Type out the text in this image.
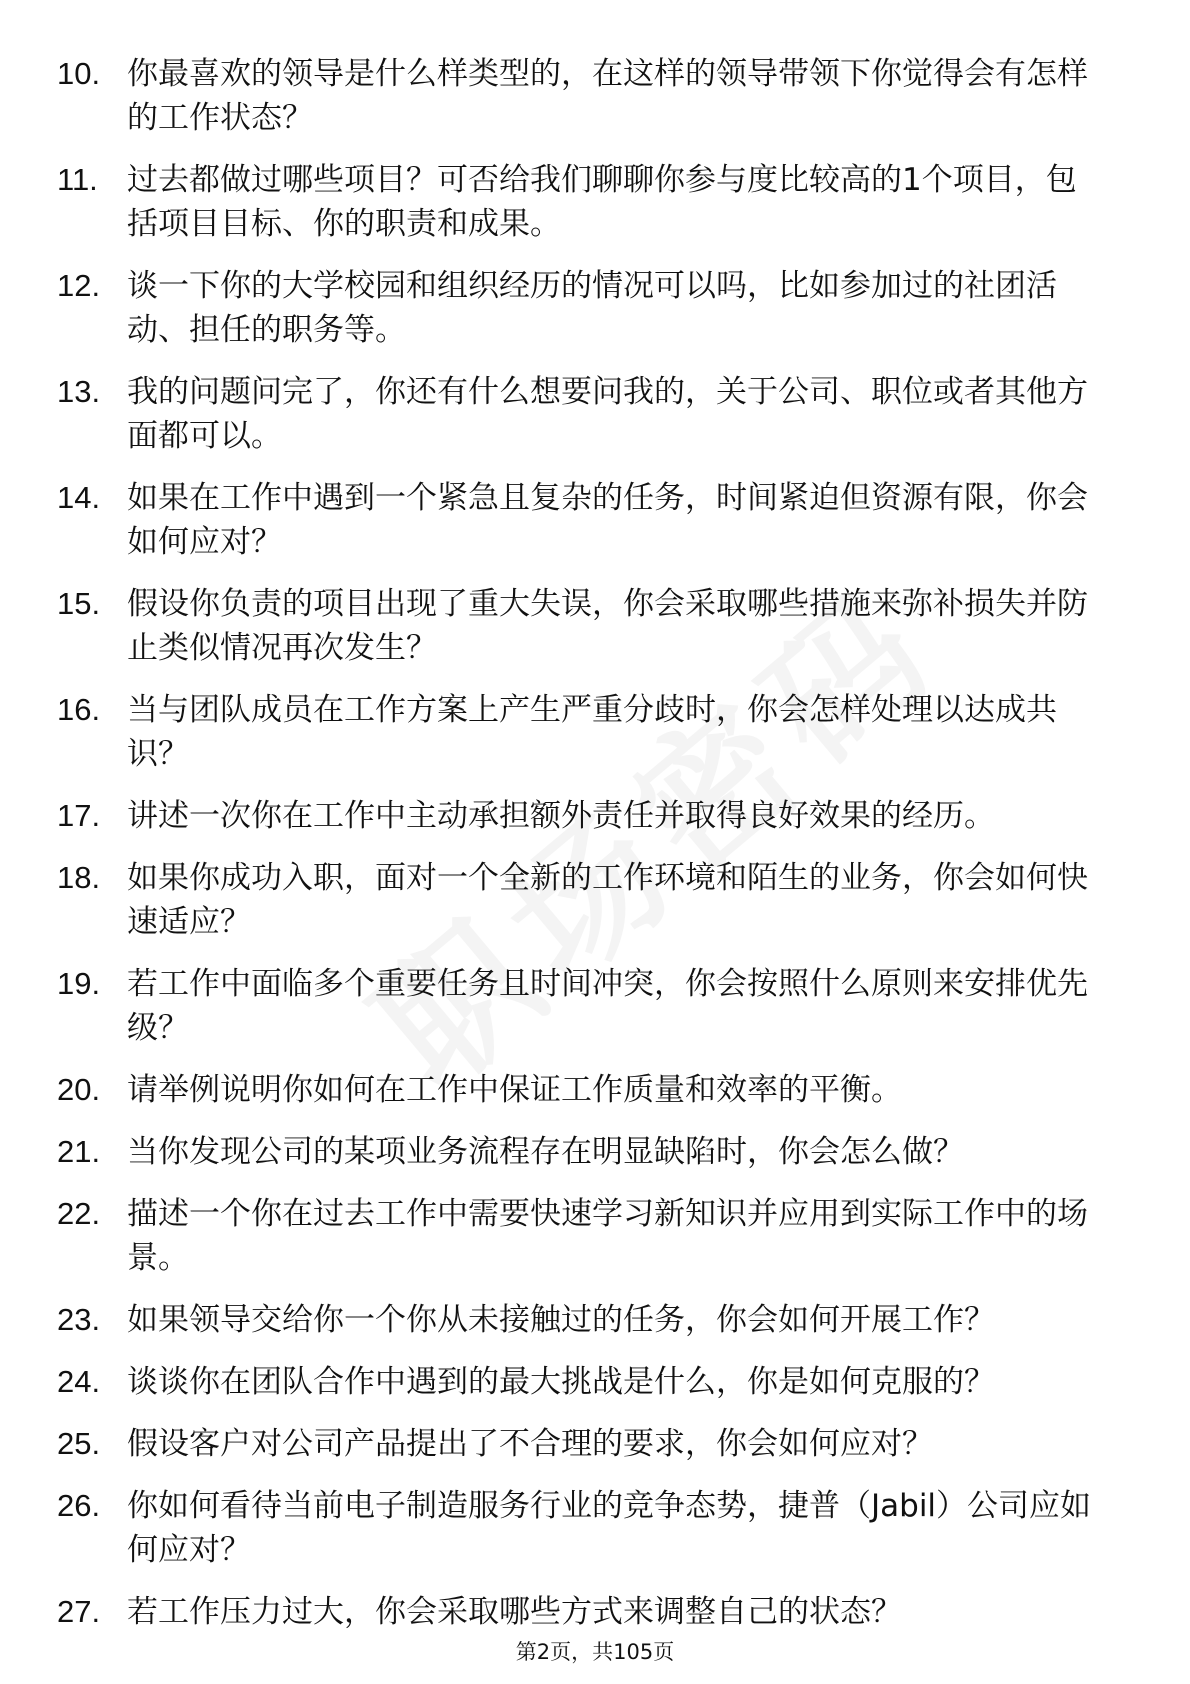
10. 你最喜欢的领导是什么样类型的，在这样的领导带领下你觉得会有怎样的工作状态？
11. 过去都做过哪些项目？可否给我们聊聊你参与度比较高的1个项目，包括项目目标、你的职责和成果。
12. 谈一下你的大学校园和组织经历的情况可以吗，比如参加过的社团活动、担任的职务等。
13. 我的问题问完了，你还有什么想要问我的，关于公司、职位或者其他方面都可以。
14. 如果在工作中遇到一个紧急且复杂的任务，时间紧迫但资源有限，你会如何应对？
15. 假设你负责的项目出现了重大失误，你会采取哪些措施来弥补损失并防止类似情况再次发生？
16. 当与团队成员在工作方案上产生严重分歧时，你会怎样处理以达成共识？
17. 讲述一次你在工作中主动承担额外责任并取得良好效果的经历。
18. 如果你成功入职，面对一个全新的工作环境和陌生的业务，你会如何快速适应？
19. 若工作中面临多个重要任务且时间冲突，你会按照什么原则来安排优先级？
20. 请举例说明你如何在工作中保证工作质量和效率的平衡。
21. 当你发现公司的某项业务流程存在明显缺陷时，你会怎么做？
22. 描述一个你在过去工作中需要快速学习新知识并应用到实际工作中的场景。
23. 如果领导交给你一个你从未接触过的任务，你会如何开展工作？
24. 谈谈你在团队合作中遇到的最大挑战是什么，你是如何克服的？
25. 假设客户对公司产品提出了不合理的要求，你会如何应对？
26. 你如何看待当前电子制造服务行业的竞争态势，捷普（Jabil）公司应如何应对？
27. 若工作压力过大，你会采取哪些方式来调整自己的状态？
第2页，共105页
